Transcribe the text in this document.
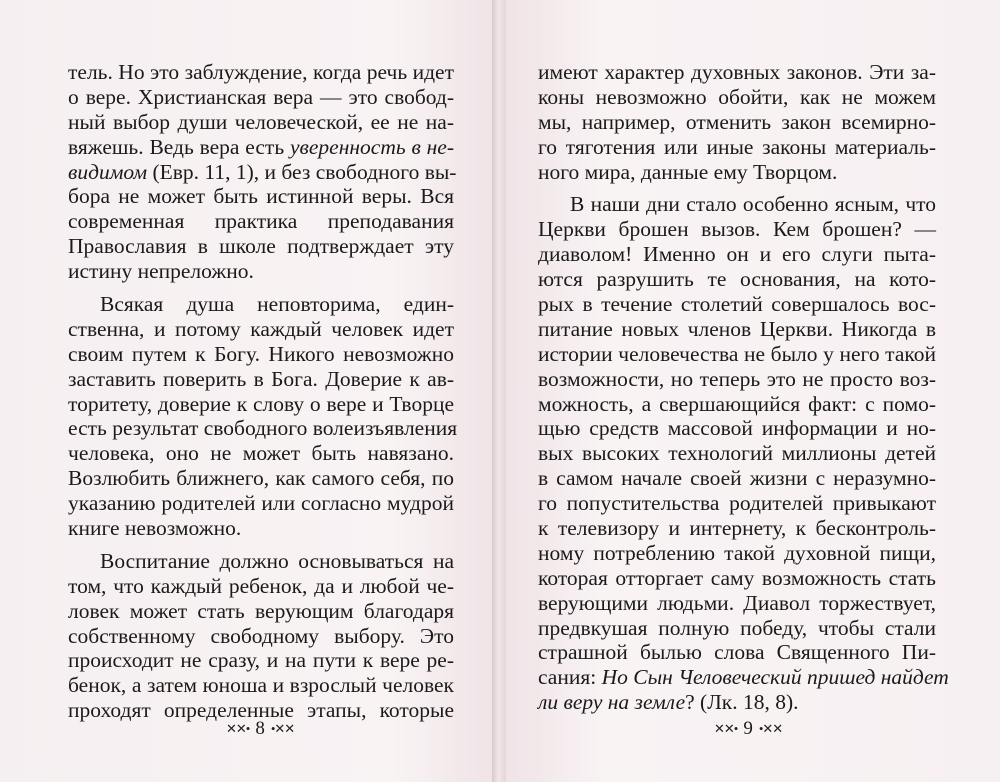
тель. Но это заблуждение, когда речь идет
о вере. Христианская вера — это свобод-
ный выбор души человеческой, ее не на-
вяжешь. Ведь вера есть уверенность в не-
видимом (Евр. 11, 1), и без свободного вы-
бора не может быть истинной веры. Вся
современная практика преподавания
Православия в школе подтверждает эту
истину непреложно.
Всякая душа неповторима, един-
ственна, и потому каждый человек идет
своим путем к Богу. Никого невозможно
заставить поверить в Бога. Доверие к ав-
торитету, доверие к слову о вере и Творце
есть результат свободного волеизъявления
человека, оно не может быть навязано.
Возлюбить ближнего, как самого себя, по
указанию родителей или согласно мудрой
книге невозможно.
Воспитание должно основываться на
том, что каждый ребенок, да и любой че-
ловек может стать верующим благодаря
собственному свободному выбору. Это
происходит не сразу, и на пути к вере ре-
бенок, а затем юноша и взрослый человек
проходят определенные этапы, которые
✕✕• 8 •✕✕
имеют характер духовных законов. Эти за-
коны невозможно обойти, как не можем
мы, например, отменить закон всемирно-
го тяготения или иные законы материаль-
ного мира, данные ему Творцом.
В наши дни стало особенно ясным, что
Церкви брошен вызов. Кем брошен? —
диаволом! Именно он и его слуги пыта-
ются разрушить те основания, на кото-
рых в течение столетий совершалось вос-
питание новых членов Церкви. Никогда в
истории человечества не было у него такой
возможности, но теперь это не просто воз-
можность, а свершающийся факт: с помо-
щью средств массовой информации и но-
вых высоких технологий миллионы детей
в самом начале своей жизни с неразумно-
го попустительства родителей привыкают
к телевизору и интернету, к бесконтроль-
ному потреблению такой духовной пищи,
которая отторгает саму возможность стать
верующими людьми. Диавол торжествует,
предвкушая полную победу, чтобы стали
страшной былью слова Священного Пи-
сания: Но Сын Человеческий пришед найдет
ли веру на земле? (Лк. 18, 8).
✕✕• 9 •✕✕
